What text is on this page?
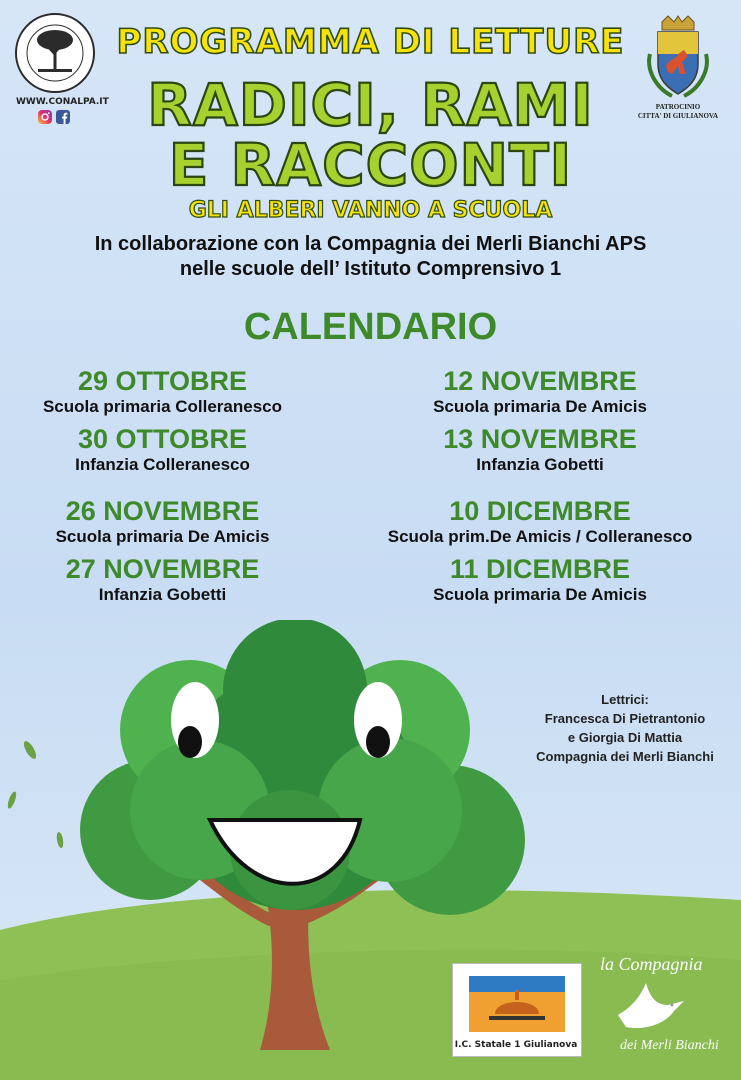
WWW.CONALPA.IT	PATROCINIO
CITTA' DI GIULIANOVA
PROGRAMMA DI LETTURE
RADICI, RAMI
E RACCONTI
GLI ALBERI VANNO A SCUOLA
In collaborazione con la Compagnia dei Merli Bianchi APS
nelle scuole dell’ Istituto Comprensivo 1
CALENDARIO
29 OTTOBRE
Scuola primaria Colleranesco
30 OTTOBRE
Infanzia Colleranesco
26 NOVEMBRE
Scuola primaria De Amicis
27 NOVEMBRE
Infanzia Gobetti
12 NOVEMBRE
Scuola primaria De Amicis
13 NOVEMBRE
Infanzia Gobetti
10 DICEMBRE
Scuola prim.De Amicis / Colleranesco
11 DICEMBRE
Scuola primaria De Amicis
Lettrici:
Francesca Di Pietrantonio
e Giorgia Di Mattia
Compagnia dei Merli Bianchi
I.C. Statale 1 Giulianova
la Compagnia
dei Merli Bianchi
